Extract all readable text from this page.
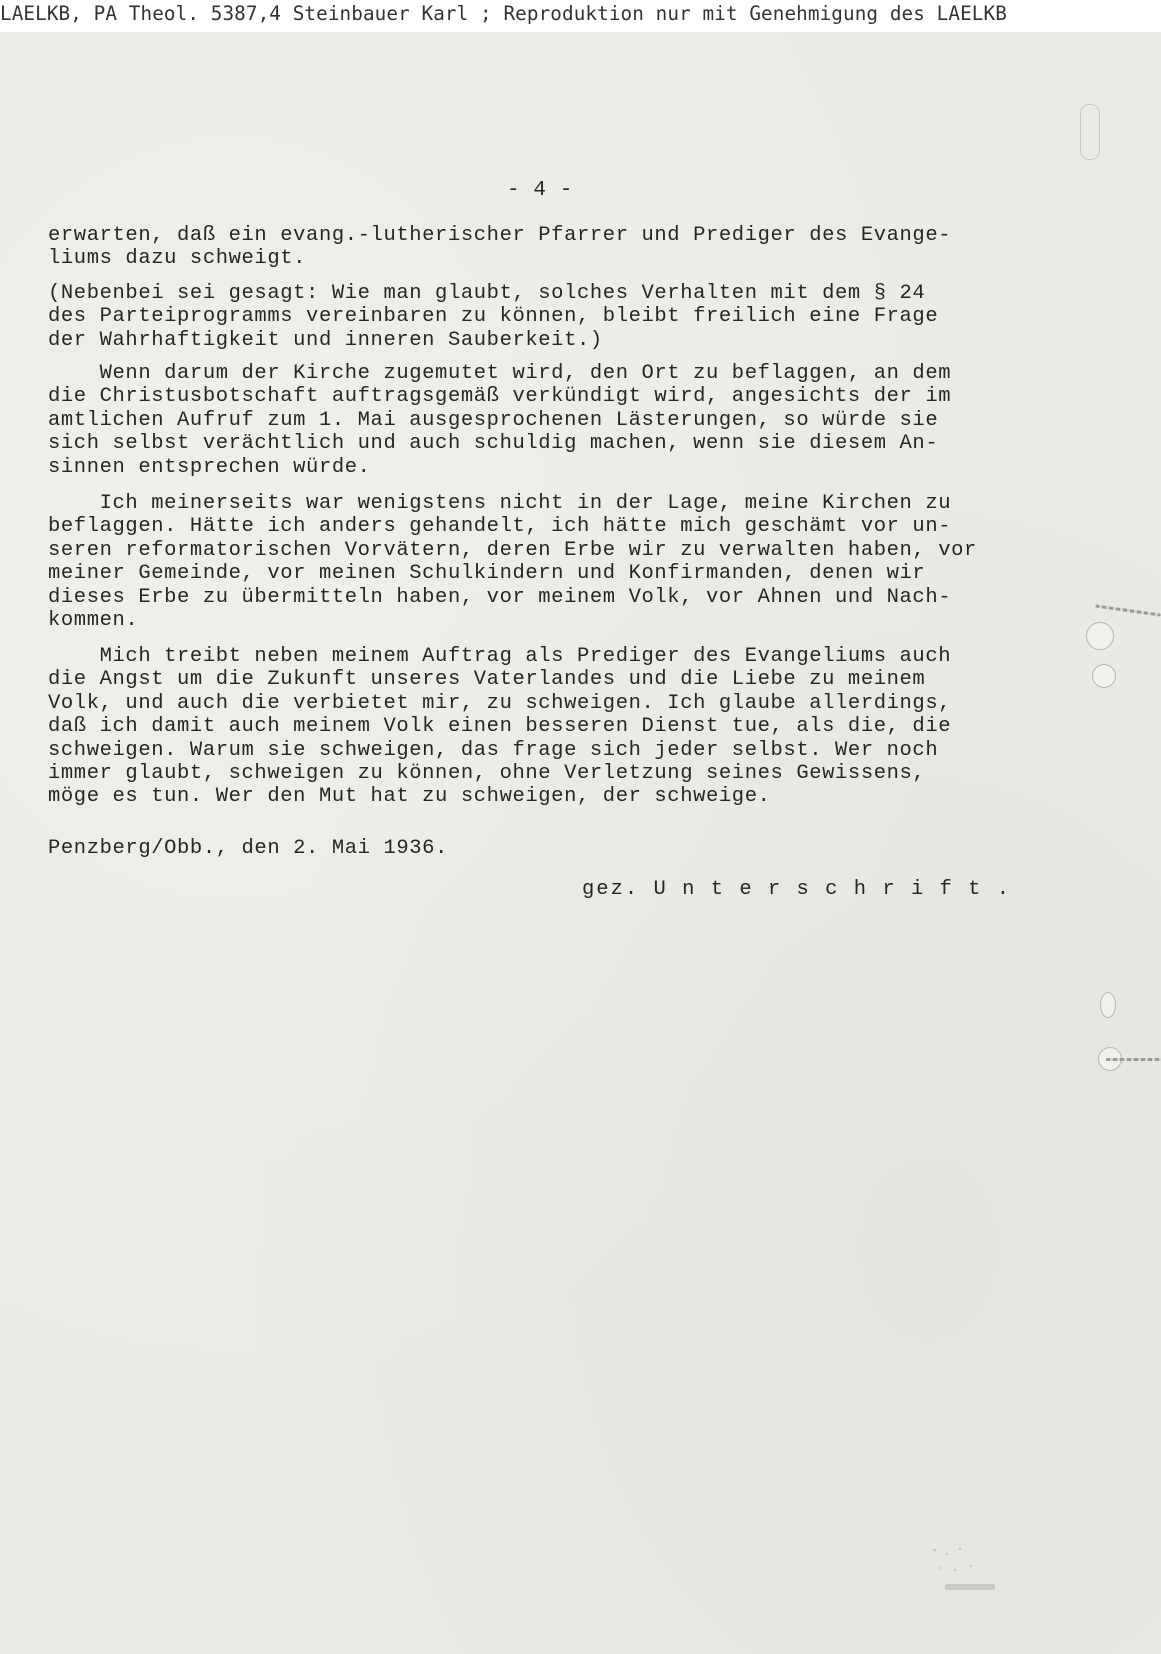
LAELKB, PA Theol. 5387,4 Steinbauer Karl ; Reproduktion nur mit Genehmigung des LAELKB
- 4 -
erwarten, daß ein evang.-lutherischer Pfarrer und Prediger des Evange-
liums dazu schweigt.
(Nebenbei sei gesagt: Wie man glaubt, solches Verhalten mit dem § 24
des Parteiprogramms vereinbaren zu können, bleibt freilich eine Frage
der Wahrhaftigkeit und inneren Sauberkeit.)
Wenn darum der Kirche zugemutet wird, den Ort zu beflaggen, an dem
die Christusbotschaft auftragsgemäß verkündigt wird, angesichts der im
amtlichen Aufruf zum 1. Mai ausgesprochenen Lästerungen, so würde sie
sich selbst verächtlich und auch schuldig machen, wenn sie diesem An-
sinnen entsprechen würde.
Ich meinerseits war wenigstens nicht in der Lage, meine Kirchen zu
beflaggen. Hätte ich anders gehandelt, ich hätte mich geschämt vor un-
seren reformatorischen Vorvätern, deren Erbe wir zu verwalten haben, vor
meiner Gemeinde, vor meinen Schulkindern und Konfirmanden, denen wir
dieses Erbe zu übermitteln haben, vor meinem Volk, vor Ahnen und Nach-
kommen.
Mich treibt neben meinem Auftrag als Prediger des Evangeliums auch
die Angst um die Zukunft unseres Vaterlandes und die Liebe zu meinem
Volk, und auch die verbietet mir, zu schweigen. Ich glaube allerdings,
daß ich damit auch meinem Volk einen besseren Dienst tue, als die, die
schweigen. Warum sie schweigen, das frage sich jeder selbst. Wer noch
immer glaubt, schweigen zu können, ohne Verletzung seines Gewissens,
möge es tun. Wer den Mut hat zu schweigen, der schweige.
Penzberg/Obb., den 2. Mai 1936.
gez. U n t e r s c h r i f t .
